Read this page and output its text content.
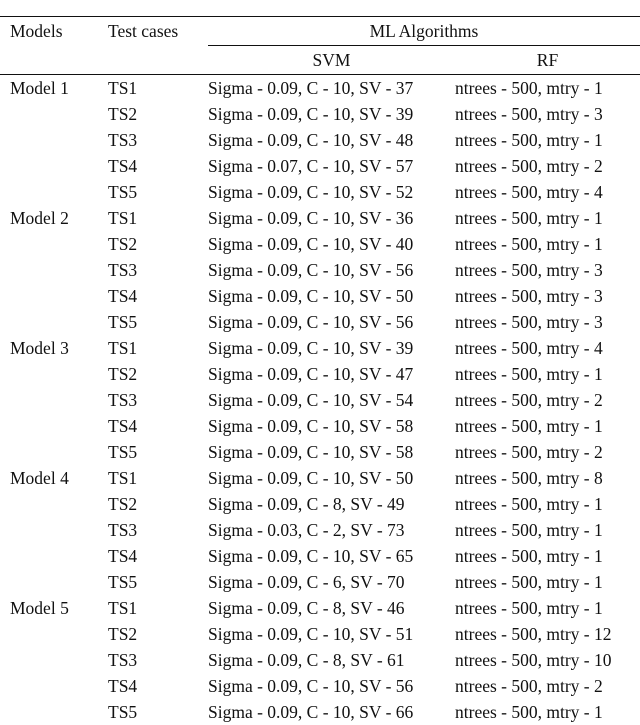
Models	Test cases	ML Algorithms	
		SVM	RF
Model 1	TS1	Sigma - 0.09, C - 10, SV - 37	ntrees - 500, mtry - 1
	TS2	Sigma - 0.09, C - 10, SV - 39	ntrees - 500, mtry - 3
	TS3	Sigma - 0.09, C - 10, SV - 48	ntrees - 500, mtry - 1
	TS4	Sigma - 0.07, C - 10, SV - 57	ntrees - 500, mtry - 2
	TS5	Sigma - 0.09, C - 10, SV - 52	ntrees - 500, mtry - 4
Model 2	TS1	Sigma - 0.09, C - 10, SV - 36	ntrees - 500, mtry - 1
	TS2	Sigma - 0.09, C - 10, SV - 40	ntrees - 500, mtry - 1
	TS3	Sigma - 0.09, C - 10, SV - 56	ntrees - 500, mtry - 3
	TS4	Sigma - 0.09, C - 10, SV - 50	ntrees - 500, mtry - 3
	TS5	Sigma - 0.09, C - 10, SV - 56	ntrees - 500, mtry - 3
Model 3	TS1	Sigma - 0.09, C - 10, SV - 39	ntrees - 500, mtry - 4
	TS2	Sigma - 0.09, C - 10, SV - 47	ntrees - 500, mtry - 1
	TS3	Sigma - 0.09, C - 10, SV - 54	ntrees - 500, mtry - 2
	TS4	Sigma - 0.09, C - 10, SV - 58	ntrees - 500, mtry - 1
	TS5	Sigma - 0.09, C - 10, SV - 58	ntrees - 500, mtry - 2
Model 4	TS1	Sigma - 0.09, C - 10, SV - 50	ntrees - 500, mtry - 8
	TS2	Sigma - 0.09, C - 8, SV - 49	ntrees - 500, mtry - 1
	TS3	Sigma - 0.03, C - 2, SV - 73	ntrees - 500, mtry - 1
	TS4	Sigma - 0.09, C - 10, SV - 65	ntrees - 500, mtry - 1
	TS5	Sigma - 0.09, C - 6, SV - 70	ntrees - 500, mtry - 1
Model 5	TS1	Sigma - 0.09, C - 8, SV - 46	ntrees - 500, mtry - 1
	TS2	Sigma - 0.09, C - 10, SV - 51	ntrees - 500, mtry - 12
	TS3	Sigma - 0.09, C - 8, SV - 61	ntrees - 500, mtry - 10
	TS4	Sigma - 0.09, C - 10, SV - 56	ntrees - 500, mtry - 2
	TS5	Sigma - 0.09, C - 10, SV - 66	ntrees - 500, mtry - 1
